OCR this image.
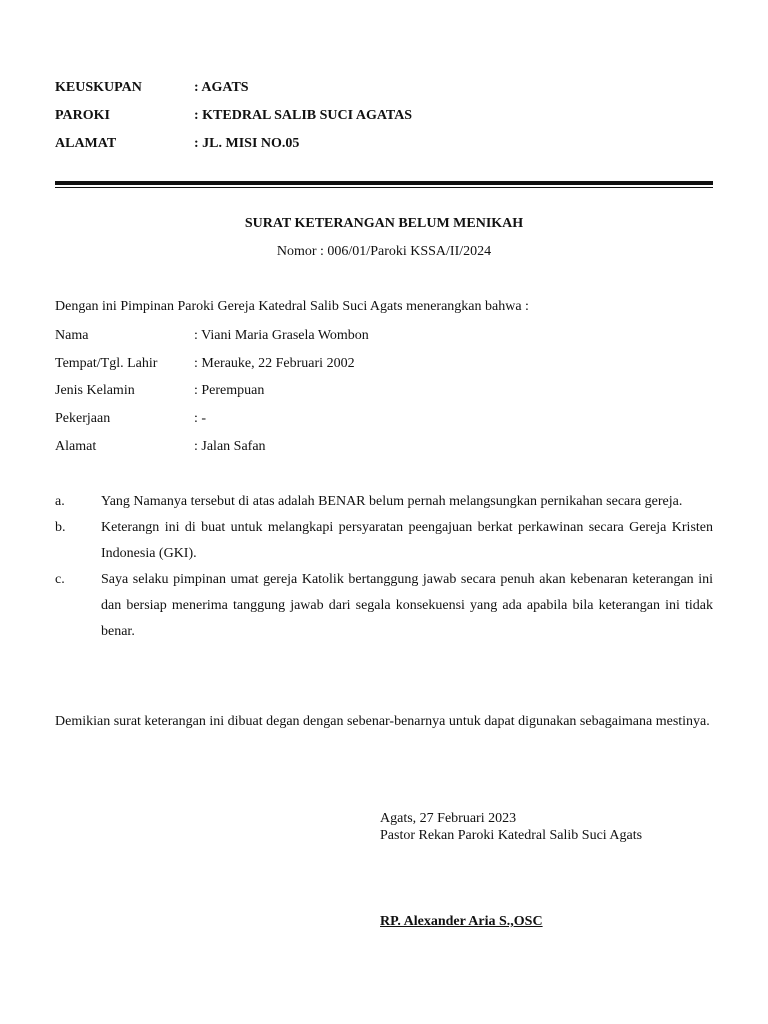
KEUSKUPAN	: AGATS
PAROKI	: KTEDRAL SALIB SUCI AGATAS
ALAMAT	: JL. MISI NO.05
SURAT KETERANGAN BELUM MENIKAH
Nomor : 006/01/Paroki KSSA/II/2024
Dengan ini Pimpinan Paroki Gereja Katedral Salib Suci Agats menerangkan bahwa :
Nama	: Viani Maria Grasela Wombon
Tempat/Tgl. Lahir	: Merauke, 22 Februari 2002
Jenis Kelamin	: Perempuan
Pekerjaan	: -
Alamat	: Jalan Safan
a.	Yang Namanya tersebut di atas adalah BENAR belum pernah melangsungkan pernikahan secara gereja.
b.	Keterangn ini di buat untuk melangkapi persyaratan peengajuan berkat perkawinan secara Gereja Kristen Indonesia (GKI).
c.	Saya selaku pimpinan umat gereja Katolik bertanggung jawab secara penuh akan kebenaran keterangan ini dan bersiap menerima tanggung jawab dari segala konsekuensi yang ada apabila bila keterangan ini tidak benar.
Demikian surat keterangan ini dibuat degan dengan sebenar-benarnya untuk dapat digunakan sebagaimana mestinya.
Agats, 27 Februari 2023
Pastor Rekan Paroki Katedral Salib Suci Agats
RP. Alexander Aria S.,OSC
